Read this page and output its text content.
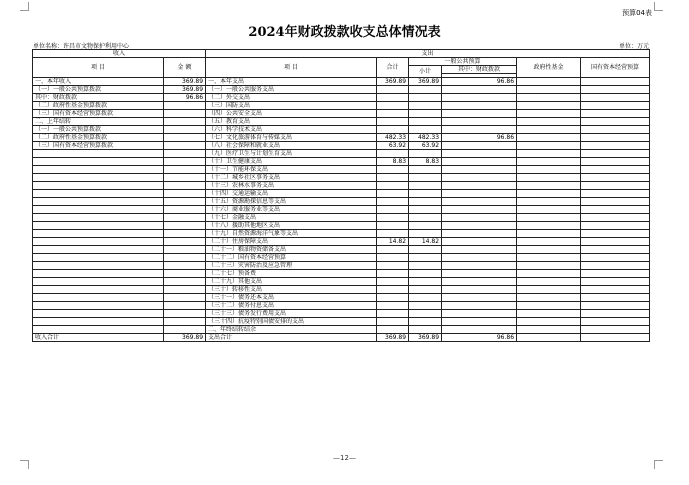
预算04表
2024年财政拨款收支总体情况表
单位名称：许昌市文物保护利用中心	单位：万元
收入		支出					
项 目	金 额	项 目	合计	一般公共预算		政府性基金	国有资本经营预算
				小计	其中：财政拨款		

一、本年收入	369.89	一、本年支出	369.89	369.89	96.86		
（一）一般公共预算拨款	369.89	（一）一般公共服务支出					
其中：财政拨款	96.86	（二）外交支出					
（二）政府性基金预算拨款		（三）国防支出					
（三）国有资本经营预算拨款		（四）公共安全支出					
二、上年结转		（五）教育支出					
（一）一般公共预算拨款		（六）科学技术支出					
（二）政府性基金预算拨款		（七）文化旅游体育与传媒支出	482.33	482.33	96.86		
（三）国有资本经营预算拨款		（八）社会保障和就业支出	63.92	63.92			
		（九）医疗卫生与计划生育支出					
		（十）卫生健康支出	8.83	8.83			
		（十一）节能环保支出					
		（十二）城乡社区事务支出					
		（十三）农林水事务支出					
		（十四）交通运输支出					
		（十五）资源勘探信息等支出					
		（十六）商业服务业等支出					
		（十七）金融支出					
		（十八）援助其他地区支出					
		（十九）自然资源海洋气象等支出					
		（二十）住房保障支出	14.82	14.82			
		（二十一）粮油物资储备支出					
		（二十二）国有资本经营预算					
		（二十三）灾害防治及应急管理					
		（二十七）预备费					
		（二十九）其他支出					
		（三十）转移性支出					
		（三十一）债务还本支出					
		（三十二）债务付息支出					
		（三十三）债务发行费用支出					
		（三十四）抗疫特别国债安排的支出					
		二、年终结转结余					
收入合计	369.89	支出合计	369.89	369.89	96.86		
—12—
